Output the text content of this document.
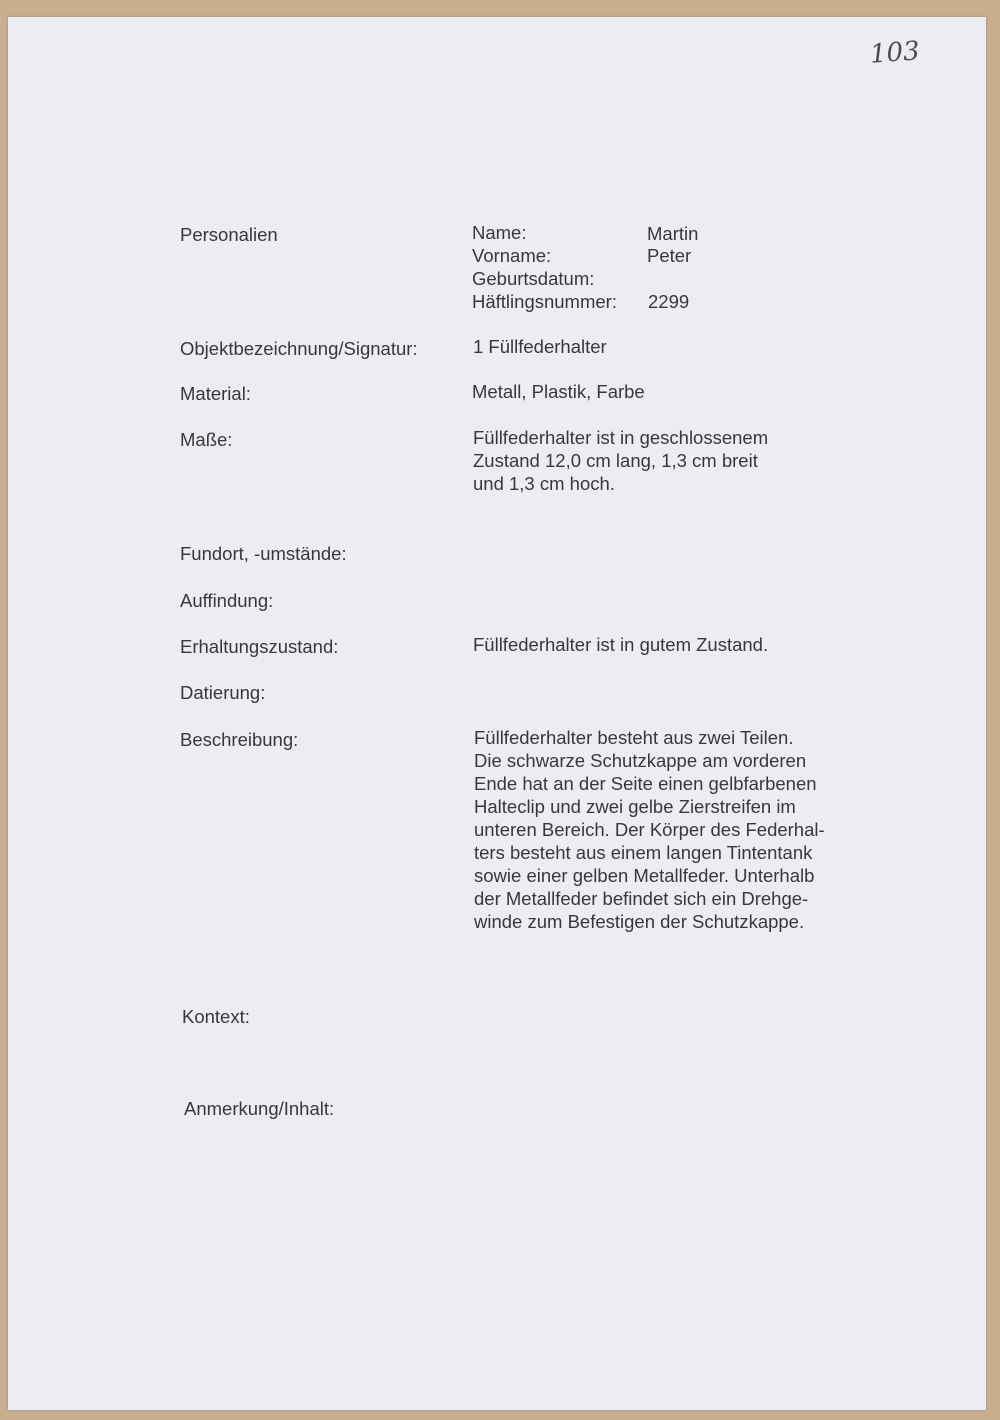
103

Personalien	Name:	Martin

Vorname:	Peter

Geburtsdatum:

Häftlingsnummer: 2299

Objektbezeichnung/Signatur:	1 Füllfederhalter

Material:	Metall, Plastik, Farbe

Maße:	Füllfederhalter ist in geschlossenem

Zustand 12,0 cm lang, 1,3 cm breit

und 1,3 cm hoch.

Fundort, -umstände:

Auffindung:

Erhaltungszustand:	Füllfederhalter ist in gutem Zustand.

Datierung:

Beschreibung:	Füllfederhalter besteht aus zwei Teilen.

Die schwarze Schutzkappe am vorderen

Ende hat an der Seite einen gelbfarbenen

Halteclip und zwei gelbe Zierstreifen im

unteren Bereich. Der Körper des Federhal-

ters besteht aus einem langen Tintentank

sowie einer gelben Metallfeder. Unterhalb

der Metallfeder befindet sich ein Drehge-

winde zum Befestigen der Schutzkappe.

Kontext:

Anmerkung/Inhalt:
